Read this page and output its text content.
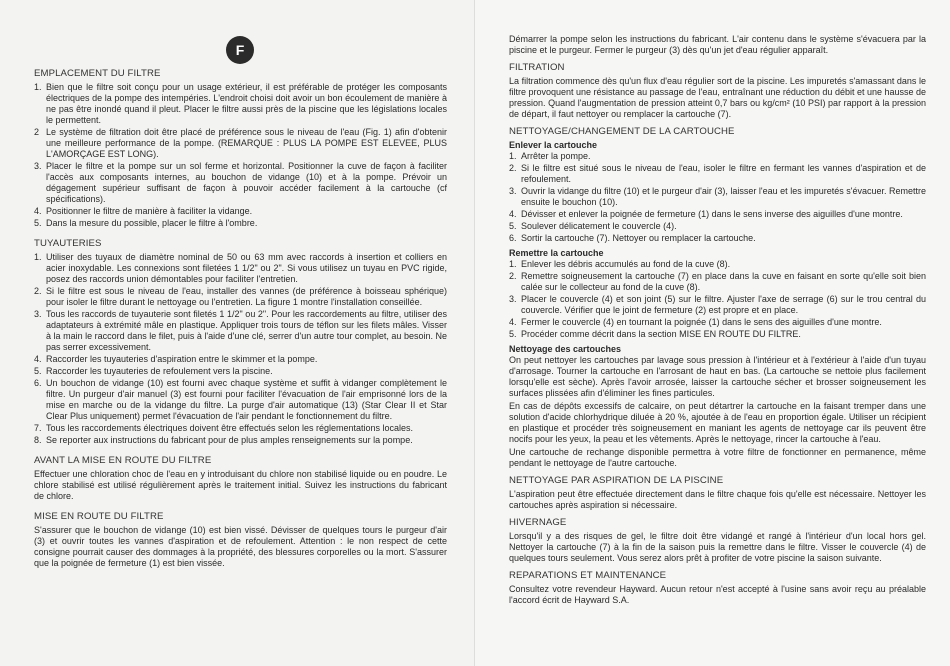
F
EMPLACEMENT DU FILTRE
1. Bien que le filtre soit conçu pour un usage extérieur, il est préférable de protéger les composants électriques de la pompe des intempéries. L'endroit choisi doit avoir un bon écoulement de manière à ne pas être inondé quand il pleut. Placer le filtre aussi près de la piscine que les législations locales le permettent.
2 Le système de filtration doit être placé de préférence sous le niveau de l'eau (Fig. 1) afin d'obtenir une meilleure performance de la pompe. (REMARQUE : PLUS LA POMPE EST ELEVEE, PLUS L'AMORÇAGE EST LONG).
3. Placer le filtre et la pompe sur un sol ferme et horizontal. Positionner la cuve de façon à faciliter l'accès aux composants internes, au bouchon de vidange (10) et à la pompe. Prévoir un dégagement supérieur suffisant de façon à pouvoir accéder facilement à la cartouche (cf spécifications).
4. Positionner le filtre de manière à faciliter la vidange.
5. Dans la mesure du possible, placer le filtre à l'ombre.
TUYAUTERIES
1. Utiliser des tuyaux de diamètre nominal de 50 ou 63 mm avec raccords à insertion et colliers en acier inoxydable. Les connexions sont filetées 1 1/2" ou 2". Si vous utilisez un tuyau en PVC rigide, posez des raccords union démontables pour faciliter l'entretien.
2. Si le filtre est sous le niveau de l'eau, installer des vannes (de préférence à boisseau sphérique) pour isoler le filtre durant le nettoyage ou l'entretien. La figure 1 montre l'installation conseillée.
3. Tous les raccords de tuyauterie sont filetés 1 1/2" ou 2". Pour les raccordements au filtre, utiliser des adaptateurs à extrémité mâle en plastique. Appliquer trois tours de téflon sur les filets mâles. Visser à la main le raccord dans le filet, puis à l'aide d'une clé, serrer d'un autre tour complet, au besoin. Ne pas serrer excessivement.
4. Raccorder les tuyauteries d'aspiration entre le skimmer et la pompe.
5. Raccorder les tuyauteries de refoulement vers la piscine.
6. Un bouchon de vidange (10) est fourni avec chaque système et suffit à vidanger complètement le filtre. Un purgeur d'air manuel (3) est fourni pour faciliter l'évacuation de l'air emprisonné lors de la mise en marche ou de la vidange du filtre. La purge d'air automatique (13) (Star Clear II et Star Clear Plus uniquement) permet l'évacuation de l'air pendant le fonctionnement du filtre.
7. Tous les raccordements électriques doivent être effectués selon les réglementations locales.
8. Se reporter aux instructions du fabricant pour de plus amples renseignements sur la pompe.
AVANT LA MISE EN ROUTE DU FILTRE
Effectuer une chloration choc de l'eau en y introduisant du chlore non stabilisé liquide ou en poudre. Le chlore stabilisé est utilisé régulièrement après le traitement initial. Suivez les instructions du fabricant de chlore.
MISE EN ROUTE DU FILTRE
S'assurer que le bouchon de vidange (10) est bien vissé. Dévisser de quelques tours le purgeur d'air (3) et ouvrir toutes les vannes d'aspiration et de refoulement. Attention : le non respect de cette consigne pourrait causer des dommages à la propriété, des blessures corporelles ou la mort. S'assurer que la poignée de fermeture (1) est bien vissée.
Démarrer la pompe selon les instructions du fabricant. L'air contenu dans le système s'évacuera par la piscine et le purgeur. Fermer le purgeur (3) dès qu'un jet d'eau régulier apparaît.
FILTRATION
La filtration commence dès qu'un flux d'eau régulier sort de la piscine. Les impuretés s'amassant dans le filtre provoquent une résistance au passage de l'eau, entraînant une réduction du débit et une hausse de pression. Quand l'augmentation de pression atteint 0,7 bars ou kg/cm² (10 PSI) par rapport à la pression de départ, il faut nettoyer ou remplacer la cartouche (7).
NETTOYAGE/CHANGEMENT DE LA CARTOUCHE
Enlever la cartouche
1. Arrêter la pompe.
2. Si le filtre est situé sous le niveau de l'eau, isoler le filtre en fermant les vannes d'aspiration et de refoulement.
3. Ouvrir la vidange du filtre (10) et le purgeur d'air (3), laisser l'eau et les impuretés s'évacuer. Remettre ensuite le bouchon (10).
4. Dévisser et enlever la poignée de fermeture (1) dans le sens inverse des aiguilles d'une montre.
5. Soulever délicatement le couvercle (4).
6. Sortir la cartouche (7). Nettoyer ou remplacer la cartouche.
Remettre la cartouche
1. Enlever les débris accumulés au fond de la cuve (8).
2. Remettre soigneusement la cartouche (7) en place dans la cuve en faisant en sorte qu'elle soit bien calée sur le collecteur au fond de la cuve (8).
3. Placer le couvercle (4) et son joint (5) sur le filtre. Ajuster l'axe de serrage (6) sur le trou central du couvercle. Vérifier que le joint de fermeture (2) est propre et en place.
4. Fermer le couvercle (4) en tournant la poignée (1) dans le sens des aiguilles d'une montre.
5. Procéder comme décrit dans la section MISE EN ROUTE DU FILTRE.
Nettoyage des cartouches
On peut nettoyer les cartouches par lavage sous pression à l'intérieur et à l'extérieur à l'aide d'un tuyau d'arrosage. Tourner la cartouche en l'arrosant de haut en bas. (La cartouche se nettoie plus facilement lorsqu'elle est sèche). Après l'avoir arrosée, laisser la cartouche sécher et brosser soigneusement les surfaces plissées afin d'éliminer les fines particules.
En cas de dépôts excessifs de calcaire, on peut détartrer la cartouche en la faisant tremper dans une solution d'acide chlorhydrique diluée à 20 %, ajoutée à de l'eau en proportion égale. Utiliser un récipient en plastique et procéder très soigneusement en maniant les agents de nettoyage car ils peuvent être nocifs pour les yeux, la peau et les vêtements. Après le nettoyage, rincer la cartouche à l'eau.
Une cartouche de rechange disponible permettra à votre filtre de fonctionner en permanence, même pendant le nettoyage de l'autre cartouche.
NETTOYAGE PAR ASPIRATION DE LA PISCINE
L'aspiration peut être effectuée directement dans le filtre chaque fois qu'elle est nécessaire. Nettoyer les cartouches après aspiration si nécessaire.
HIVERNAGE
Lorsqu'il y a des risques de gel, le filtre doit être vidangé et rangé à l'intérieur d'un local hors gel. Nettoyer la cartouche (7) à la fin de la saison puis la remettre dans le filtre. Visser le couvercle (4) de quelques tours seulement. Vous serez alors prêt à profiter de votre piscine la saison suivante.
REPARATIONS ET MAINTENANCE
Consultez votre revendeur Hayward. Aucun retour n'est accepté à l'usine sans avoir reçu au préalable l'accord écrit de Hayward S.A.
